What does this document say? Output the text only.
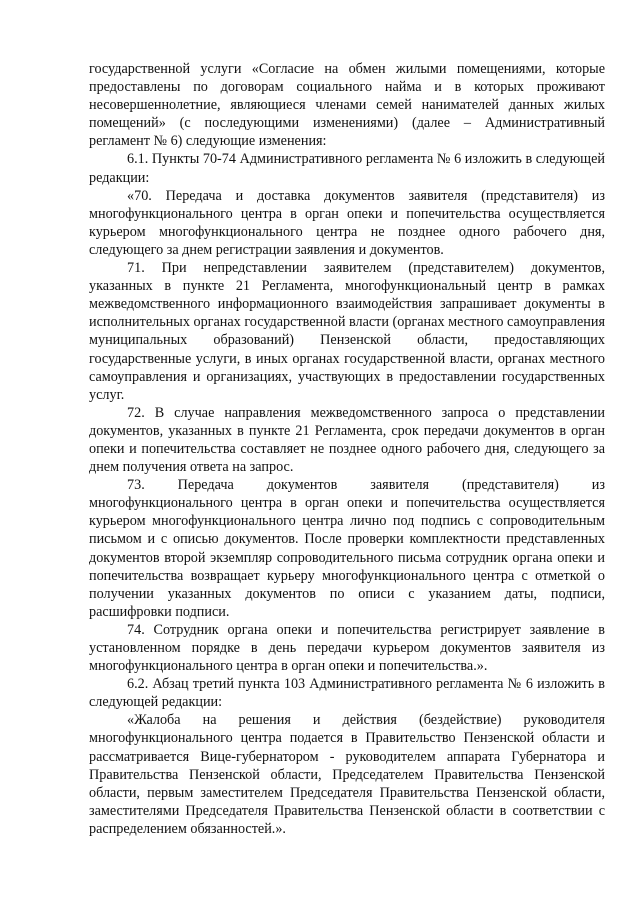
государственной услуги «Согласие на обмен жилыми помещениями, которые предоставлены по договорам социального найма и в которых проживают несовершеннолетние, являющиеся членами семей нанимателей данных жилых помещений» (с последующими изменениями) (далее – Административный регламент № 6) следующие изменения:

6.1. Пункты 70-74 Административного регламента № 6 изложить в следующей редакции:

«70. Передача и доставка документов заявителя (представителя) из многофункционального центра в орган опеки и попечительства осуществляется курьером многофункционального центра не позднее одного рабочего дня, следующего за днем регистрации заявления и документов.

71. При непредставлении заявителем (представителем) документов, указанных в пункте 21 Регламента, многофункциональный центр в рамках межведомственного информационного взаимодействия запрашивает документы в исполнительных органах государственной власти (органах местного самоуправления муниципальных образований) Пензенской области, предоставляющих государственные услуги, в иных органах государственной власти, органах местного самоуправления и организациях, участвующих в предоставлении государственных услуг.

72. В случае направления межведомственного запроса о представлении документов, указанных в пункте 21 Регламента, срок передачи документов в орган опеки и попечительства составляет не позднее одного рабочего дня, следующего за днем получения ответа на запрос.

73. Передача документов заявителя (представителя) из многофункционального центра в орган опеки и попечительства осуществляется курьером многофункционального центра лично под подпись с сопроводительным письмом и с описью документов. После проверки комплектности представленных документов второй экземпляр сопроводительного письма сотрудник органа опеки и попечительства возвращает курьеру многофункционального центра с отметкой о получении указанных документов по описи с указанием даты, подписи, расшифровки подписи.

74. Сотрудник органа опеки и попечительства регистрирует заявление в установленном порядке в день передачи курьером документов заявителя из многофункционального центра в орган опеки и попечительства.».

6.2. Абзац третий пункта 103 Административного регламента № 6 изложить в следующей редакции:

«Жалоба на решения и действия (бездействие) руководителя многофункционального центра подается в Правительство Пензенской области и рассматривается Вице-губернатором - руководителем аппарата Губернатора и Правительства Пензенской области, Председателем Правительства Пензенской области, первым заместителем Председателя Правительства Пензенской области, заместителями Председателя Правительства Пензенской области в соответствии с распределением обязанностей.».
